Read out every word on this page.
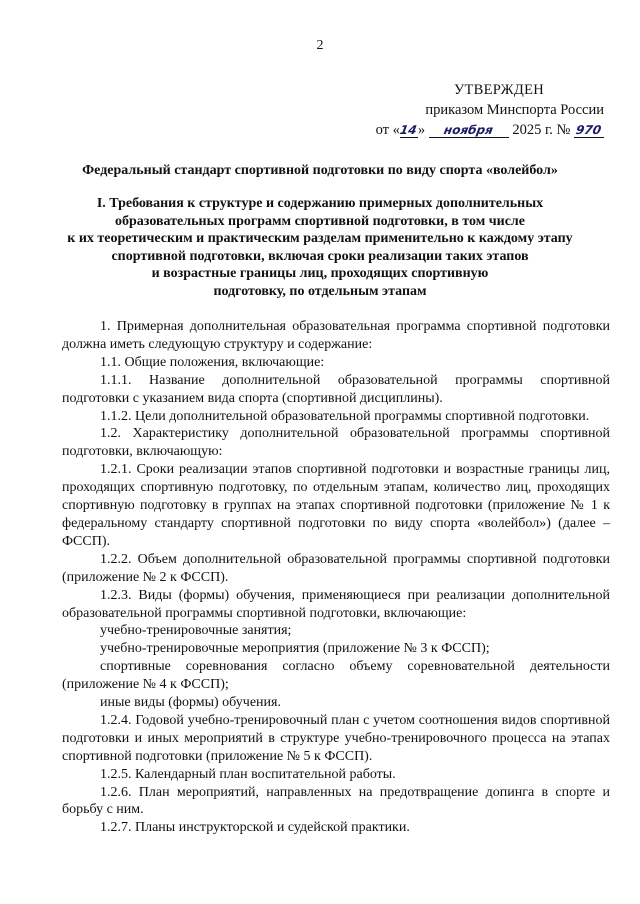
2
УТВЕРЖДЕН
приказом Минспорта России
от «14» ноября 2025 г. № 970
Федеральный стандарт спортивной подготовки по виду спорта «волейбол»
I. Требования к структуре и содержанию примерных дополнительных
образовательных программ спортивной подготовки, в том числе
к их теоретическим и практическим разделам применительно к каждому этапу
спортивной подготовки, включая сроки реализации таких этапов
и возрастные границы лиц, проходящих спортивную
подготовку, по отдельным этапам

1. Примерная дополнительная образовательная программа спортивной подготовки должна иметь следующую структуру и содержание:

1.1. Общие положения, включающие:

1.1.1. Название дополнительной образовательной программы спортивной подготовки с указанием вида спорта (спортивной дисциплины).

1.1.2. Цели дополнительной образовательной программы спортивной подготовки.

1.2. Характеристику дополнительной образовательной программы спортивной подготовки, включающую:

1.2.1. Сроки реализации этапов спортивной подготовки и возрастные границы лиц, проходящих спортивную подготовку, по отдельным этапам, количество лиц, проходящих спортивную подготовку в группах на этапах спортивной подготовки (приложение № 1 к федеральному стандарту спортивной подготовки по виду спорта «волейбол») (далее – ФССП).

1.2.2. Объем дополнительной образовательной программы спортивной подготовки (приложение № 2 к ФССП).

1.2.3. Виды (формы) обучения, применяющиеся при реализации дополнительной образовательной программы спортивной подготовки, включающие:

учебно-тренировочные занятия;

учебно-тренировочные мероприятия (приложение № 3 к ФССП);

спортивные соревнования согласно объему соревновательной деятельности (приложение № 4 к ФССП);

иные виды (формы) обучения.

1.2.4. Годовой учебно-тренировочный план с учетом соотношения видов спортивной подготовки и иных мероприятий в структуре учебно-тренировочного процесса на этапах спортивной подготовки (приложение № 5 к ФССП).

1.2.5. Календарный план воспитательной работы.

1.2.6. План мероприятий, направленных на предотвращение допинга в спорте и борьбу с ним.

1.2.7. Планы инструкторской и судейской практики.
